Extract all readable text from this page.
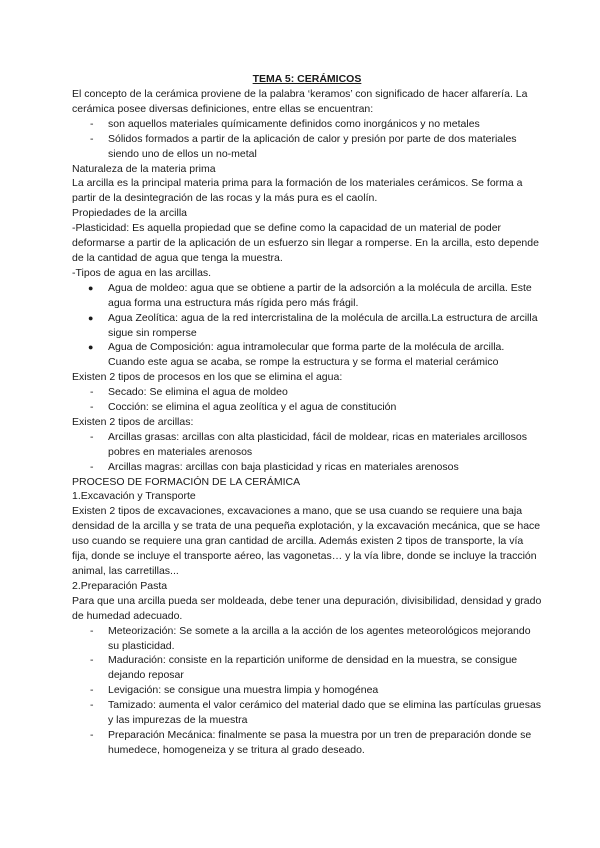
TEMA 5: CERÁMICOS

El concepto de la cerámica proviene de la palabra ‘keramos’ con significado de hacer alfarería. La cerámica posee diversas definiciones, entre ellas se encuentran:

- son aquellos materiales químicamente definidos como inorgánicos y no metales
- Sólidos formados a partir de la aplicación de calor y presión por parte de dos materiales siendo uno de ellos un no-metal

Naturaleza de la materia prima

La arcilla es la principal materia prima para la formación de los materiales cerámicos. Se forma a partir de la desintegración de las rocas y la más pura es el caolín.

Propiedades de la arcilla

-Plasticidad: Es aquella propiedad que se define como la capacidad de un material de poder deformarse a partir de la aplicación de un esfuerzo sin llegar a romperse. En la arcilla, esto depende de la cantidad de agua que tenga la muestra.

-Tipos de agua en las arcillas.

● Agua de moldeo: agua que se obtiene a partir de la adsorción a la molécula de arcilla. Este agua forma una estructura más rígida pero más frágil.
● Agua Zeolítica: agua de la red intercristalina de la molécula de arcilla.La estructura de arcilla sigue sin romperse
● Agua de Composición: agua intramolecular que forma parte de la molécula de arcilla. Cuando este agua se acaba, se rompe la estructura y se forma el material cerámico

Existen 2 tipos de procesos en los que se elimina el agua:

- Secado: Se elimina el agua de moldeo
- Cocción: se elimina el agua zeolítica y el agua de constitución

Existen 2 tipos de arcillas:

- Arcillas grasas: arcillas con alta plasticidad, fácil de moldear, ricas en materiales arcillosos pobres en materiales arenosos
- Arcillas magras: arcillas con baja plasticidad y ricas en materiales arenosos

PROCESO DE FORMACIÓN DE LA CERÁMICA

1.Excavación y Transporte

Existen 2 tipos de excavaciones, excavaciones a mano, que se usa cuando se requiere una baja densidad de la arcilla y se trata de una pequeña explotación, y la excavación mecánica, que se hace uso cuando se requiere una gran cantidad de arcilla. Además existen 2 tipos de transporte, la vía fija, donde se incluye el transporte aéreo, las vagonetas… y la vía libre, donde se incluye la tracción animal, las carretillas...

2.Preparación Pasta

Para que una arcilla pueda ser moldeada, debe tener una depuración, divisibilidad, densidad y grado de humedad adecuado.

- Meteorización: Se somete a la arcilla a la acción de los agentes meteorológicos mejorando su plasticidad.
- Maduración: consiste en la repartición uniforme de densidad en la muestra, se consigue dejando reposar
- Levigación: se consigue una muestra limpia y homogénea
- Tamizado: aumenta el valor cerámico del material dado que se elimina las partículas gruesas y las impurezas de la muestra
- Preparación Mecánica: finalmente se pasa la muestra por un tren de preparación donde se humedece, homogeneiza y se tritura al grado deseado.
